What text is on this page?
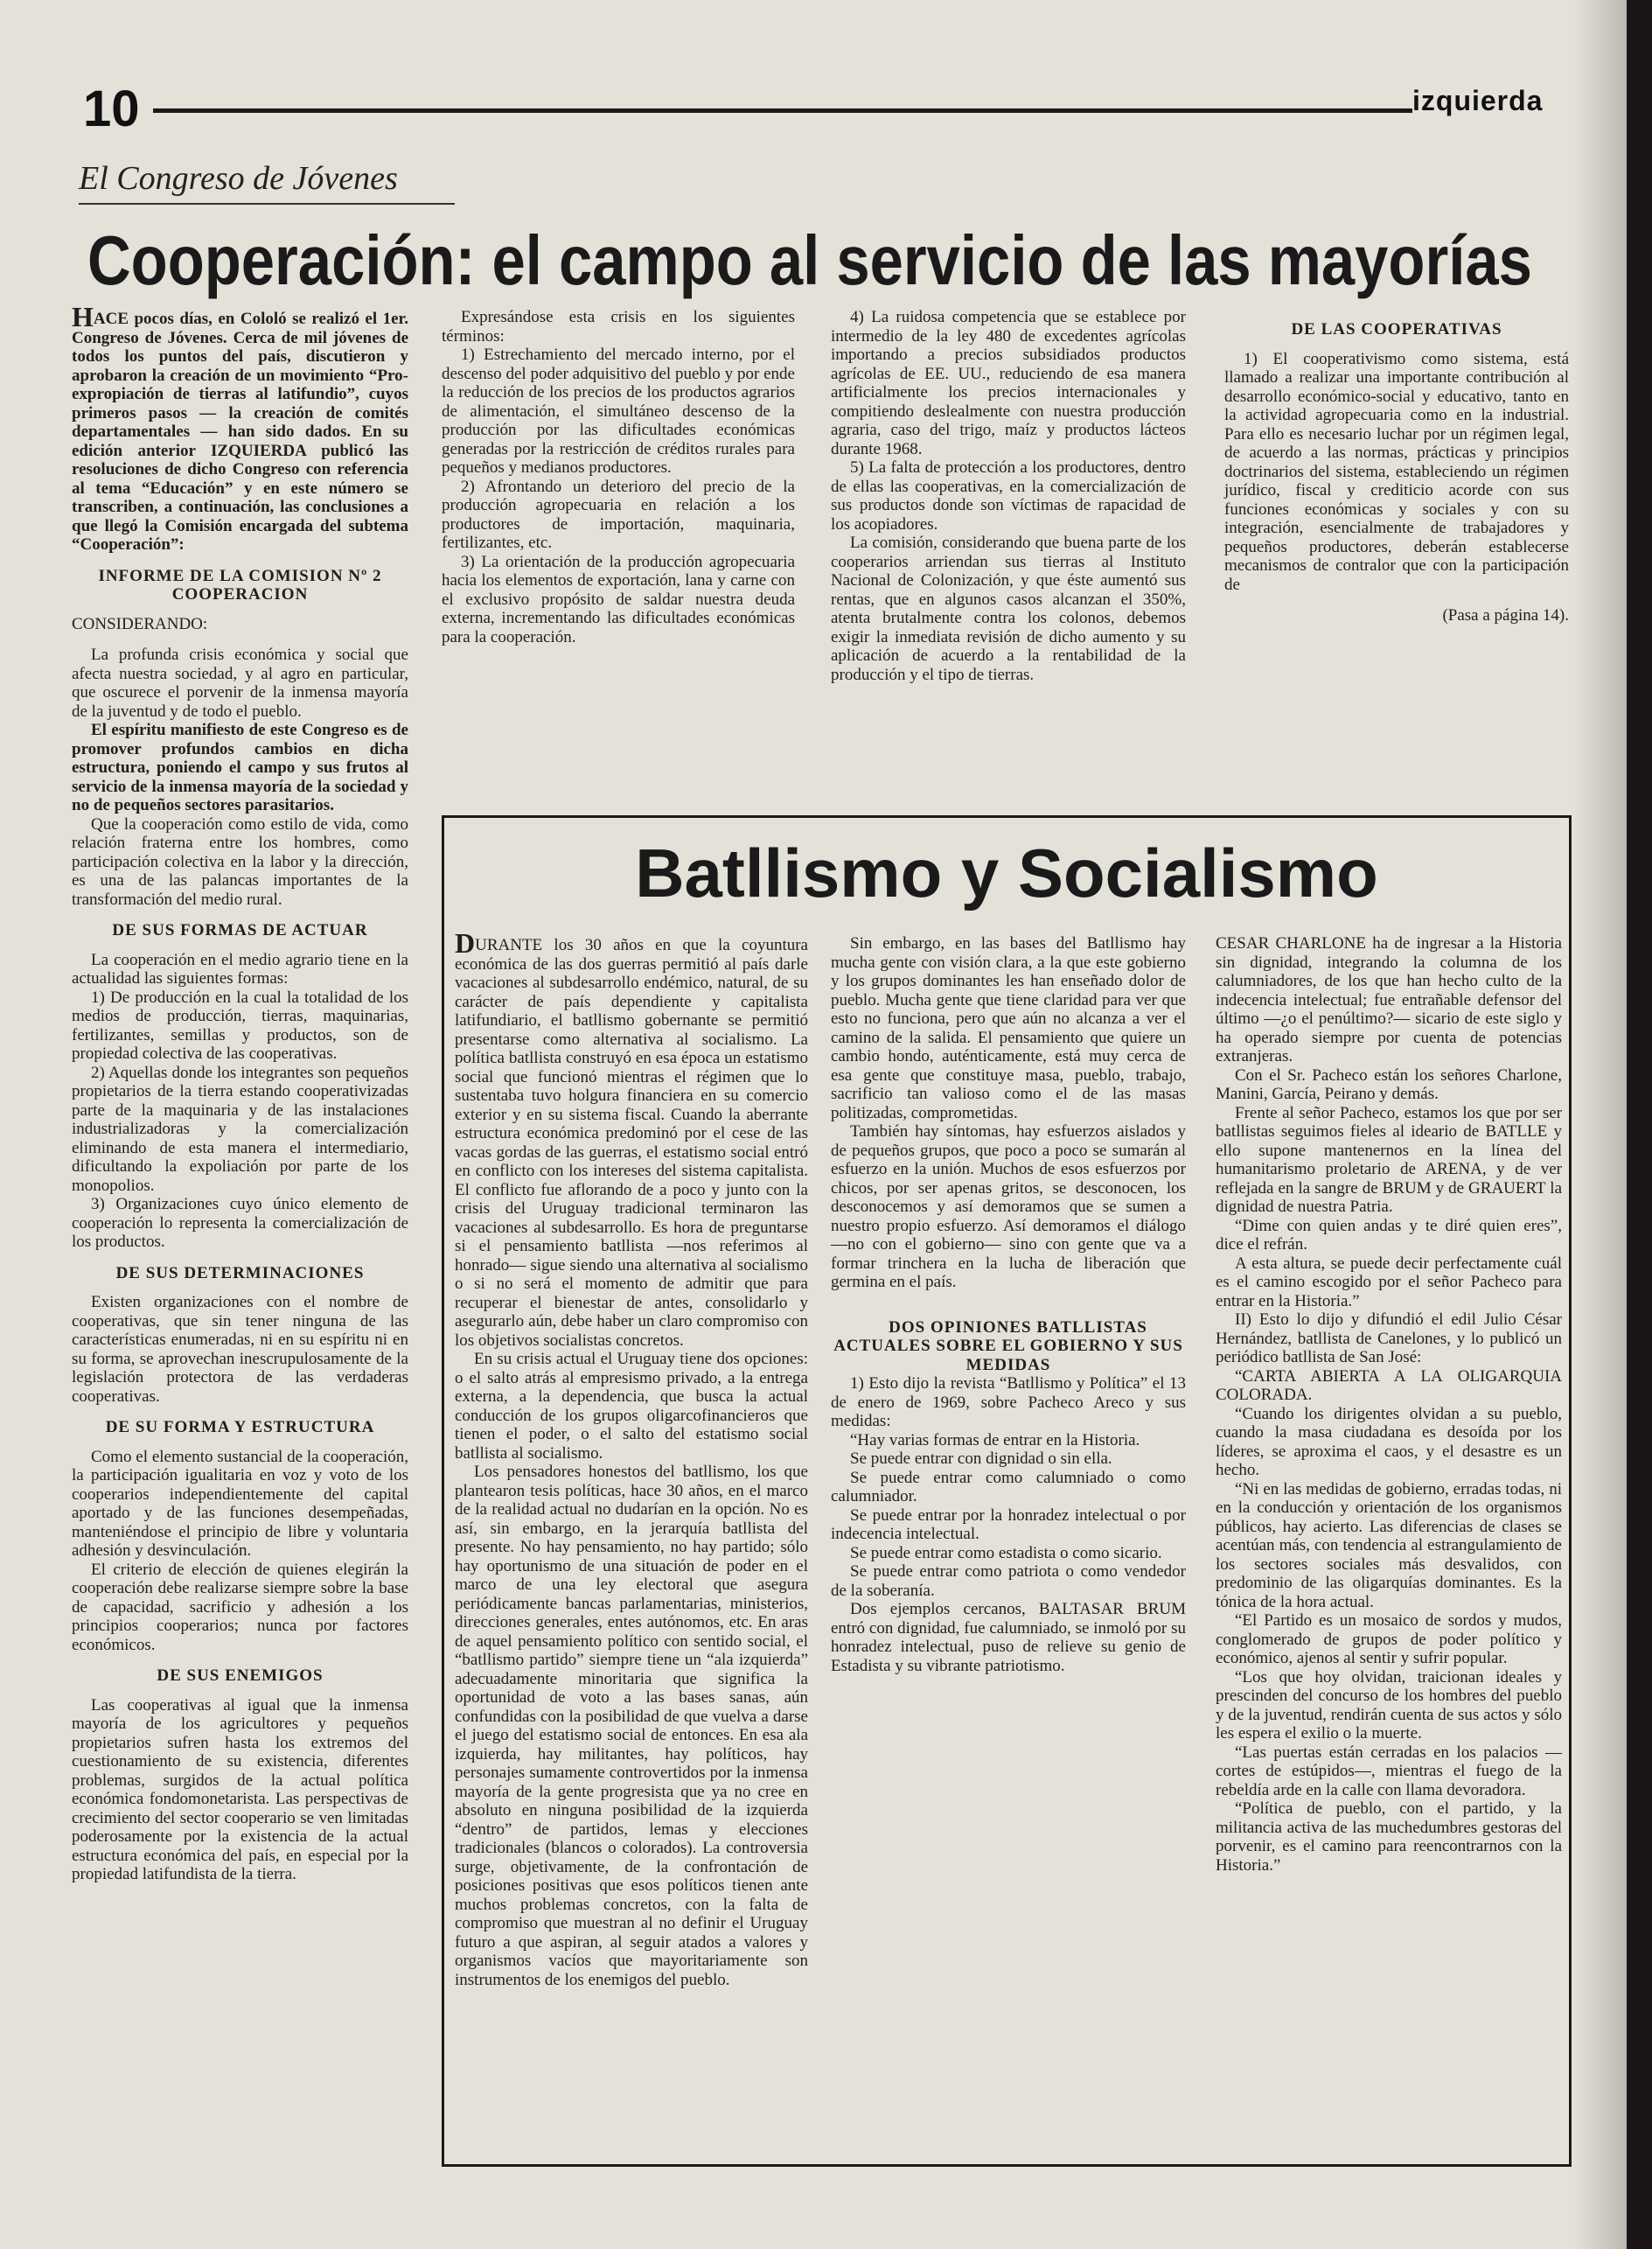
10	izquierda
El Congreso de Jóvenes
Cooperación: el campo al servicio de las mayorías

HACE pocos días, en Cololó se realizó el 1er. Congreso de Jóvenes. Cerca de mil jóvenes de todos los puntos del país, discutieron y aprobaron la creación de un movimiento “Pro-expropiación de tierras al latifundio”, cuyos primeros pasos — la creación de comités departamentales — han sido dados. En su edición anterior IZQUIERDA publicó las resoluciones de dicho Congreso con referencia al tema “Educación” y en este número se transcriben, a continuación, las conclusiones a que llegó la Comisión encargada del subtema “Cooperación”:

INFORME DE LA COMISION Nº 2 COOPERACION

CONSIDERANDO:

La profunda crisis económica y social que afecta nuestra sociedad, y al agro en particular, que oscurece el porvenir de la inmensa mayoría de la juventud y de todo el pueblo.

El espíritu manifiesto de este Congreso es de promover profundos cambios en dicha estructura, poniendo el campo y sus frutos al servicio de la inmensa mayoría de la sociedad y no de pequeños sectores parasitarios.

Que la cooperación como estilo de vida, como relación fraterna entre los hombres, como participación colectiva en la labor y la dirección, es una de las palancas importantes de la transformación del medio rural.

DE SUS FORMAS DE ACTUAR

La cooperación en el medio agrario tiene en la actualidad las siguientes formas:

1) De producción en la cual la totalidad de los medios de producción, tierras, maquinarias, fertilizantes, semillas y productos, son de propiedad colectiva de las cooperativas.

2) Aquellas donde los integrantes son pequeños propietarios de la tierra estando cooperativizadas parte de la maquinaria y de las instalaciones industrializadoras y la comercialización eliminando de esta manera el intermediario, dificultando la expoliación por parte de los monopolios.

3) Organizaciones cuyo único elemento de cooperación lo representa la comercialización de los productos.

DE SUS DETERMINACIONES

Existen organizaciones con el nombre de cooperativas, que sin tener ninguna de las características enumeradas, ni en su espíritu ni en su forma, se aprovechan inescrupulosamente de la legislación protectora de las verdaderas cooperativas.

DE SU FORMA Y ESTRUCTURA

Como el elemento sustancial de la cooperación, la participación igualitaria en voz y voto de los cooperarios independientemente del capital aportado y de las funciones desempeñadas, manteniéndose el principio de libre y voluntaria adhesión y desvinculación.

El criterio de elección de quienes elegirán la cooperación debe realizarse siempre sobre la base de capacidad, sacrificio y adhesión a los principios cooperarios; nunca por factores económicos.

DE SUS ENEMIGOS

Las cooperativas al igual que la inmensa mayoría de los agricultores y pequeños propietarios sufren hasta los extremos del cuestionamiento de su existencia, diferentes problemas, surgidos de la actual política económica fondomonetarista. Las perspectivas de crecimiento del sector cooperario se ven limitadas poderosamente por la existencia de la actual estructura económica del país, en especial por la propiedad latifundista de la tierra.

Expresándose esta crisis en los siguientes términos:

1) Estrechamiento del mercado interno, por el descenso del poder adquisitivo del pueblo y por ende la reducción de los precios de los productos agrarios de alimentación, el simultáneo descenso de la producción por las dificultades económicas generadas por la restricción de créditos rurales para pequeños y medianos productores.

2) Afrontando un deterioro del precio de la producción agropecuaria en relación a los productores de importación, maquinaria, fertilizantes, etc.

3) La orientación de la producción agropecuaria hacia los elementos de exportación, lana y carne con el exclusivo propósito de saldar nuestra deuda externa, incrementando las dificultades económicas para la cooperación.

4) La ruidosa competencia que se establece por intermedio de la ley 480 de excedentes agrícolas importando a precios subsidiados productos agrícolas de EE. UU., reduciendo de esa manera artificialmente los precios internacionales y compitiendo deslealmente con nuestra producción agraria, caso del trigo, maíz y productos lácteos durante 1968.

5) La falta de protección a los productores, dentro de ellas las cooperativas, en la comercialización de sus productos donde son víctimas de rapacidad de los acopiadores.

La comisión, considerando que buena parte de los cooperarios arriendan sus tierras al Instituto Nacional de Colonización, y que éste aumentó sus rentas, que en algunos casos alcanzan el 350%, atenta brutalmente contra los colonos, debemos exigir la inmediata revisión de dicho aumento y su aplicación de acuerdo a la rentabilidad de la producción y el tipo de tierras.

DE LAS COOPERATIVAS

1) El cooperativismo como sistema, está llamado a realizar una importante contribución al desarrollo económico-social y educativo, tanto en la actividad agropecuaria como en la industrial. Para ello es necesario luchar por un régimen legal, de acuerdo a las normas, prácticas y principios doctrinarios del sistema, estableciendo un régimen jurídico, fiscal y crediticio acorde con sus funciones económicas y sociales y con su integración, esencialmente de trabajadores y pequeños productores, deberán establecerse mecanismos de contralor que con la participación de

(Pasa a página 14).

Batllismo y Socialismo

DURANTE los 30 años en que la coyuntura económica de las dos guerras permitió al país darle vacaciones al subdesarrollo endémico, natural, de su carácter de país dependiente y capitalista latifundiario, el batllismo gobernante se permitió presentarse como alternativa al socialismo. La política batllista construyó en esa época un estatismo social que funcionó mientras el régimen que lo sustentaba tuvo holgura financiera en su comercio exterior y en su sistema fiscal. Cuando la aberrante estructura económica predominó por el cese de las vacas gordas de las guerras, el estatismo social entró en conflicto con los intereses del sistema capitalista. El conflicto fue aflorando de a poco y junto con la crisis del Uruguay tradicional terminaron las vacaciones al subdesarrollo. Es hora de preguntarse si el pensamiento batllista —nos referimos al honrado— sigue siendo una alternativa al socialismo o si no será el momento de admitir que para recuperar el bienestar de antes, consolidarlo y asegurarlo aún, debe haber un claro compromiso con los objetivos socialistas concretos.

En su crisis actual el Uruguay tiene dos opciones: o el salto atrás al empresismo privado, a la entrega externa, a la dependencia, que busca la actual conducción de los grupos oligarcofinancieros que tienen el poder, o el salto del estatismo social batllista al socialismo.

Los pensadores honestos del batllismo, los que plantearon tesis políticas, hace 30 años, en el marco de la realidad actual no dudarían en la opción. No es así, sin embargo, en la jerarquía batllista del presente. No hay pensamiento, no hay partido; sólo hay oportunismo de una situación de poder en el marco de una ley electoral que asegura periódicamente bancas parlamentarias, ministerios, direcciones generales, entes autónomos, etc. En aras de aquel pensamiento político con sentido social, el “batllismo partido” siempre tiene un “ala izquierda” adecuadamente minoritaria que significa la oportunidad de voto a las bases sanas, aún confundidas con la posibilidad de que vuelva a darse el juego del estatismo social de entonces. En esa ala izquierda, hay militantes, hay políticos, hay personajes sumamente controvertidos por la inmensa mayoría de la gente progresista que ya no cree en absoluto en ninguna posibilidad de la izquierda “dentro” de partidos, lemas y elecciones tradicionales (blancos o colorados). La controversia surge, objetivamente, de la confrontación de posiciones positivas que esos políticos tienen ante muchos problemas concretos, con la falta de compromiso que muestran al no definir el Uruguay futuro a que aspiran, al seguir atados a valores y organismos vacíos que mayoritariamente son instrumentos de los enemigos del pueblo.

Sin embargo, en las bases del Batllismo hay mucha gente con visión clara, a la que este gobierno y los grupos dominantes les han enseñado dolor de pueblo. Mucha gente que tiene claridad para ver que esto no funciona, pero que aún no alcanza a ver el camino de la salida. El pensamiento que quiere un cambio hondo, auténticamente, está muy cerca de esa gente que constituye masa, pueblo, trabajo, sacrificio tan valioso como el de las masas politizadas, comprometidas.

También hay síntomas, hay esfuerzos aislados y de pequeños grupos, que poco a poco se sumarán al esfuerzo en la unión. Muchos de esos esfuerzos por chicos, por ser apenas gritos, se desconocen, los desconocemos y así demoramos que se sumen a nuestro propio esfuerzo. Así demoramos el diálogo —no con el gobierno— sino con gente que va a formar trinchera en la lucha de liberación que germina en el país.

DOS OPINIONES BATLLISTAS ACTUALES SOBRE EL GOBIERNO Y SUS MEDIDAS

1) Esto dijo la revista “Batllismo y Política” el 13 de enero de 1969, sobre Pacheco Areco y sus medidas:

“Hay varias formas de entrar en la Historia.

Se puede entrar con dignidad o sin ella.

Se puede entrar como calumniado o como calumniador.

Se puede entrar por la honradez intelectual o por indecencia intelectual.

Se puede entrar como estadista o como sicario.

Se puede entrar como patriota o como vendedor de la soberanía.

Dos ejemplos cercanos, BALTASAR BRUM entró con dignidad, fue calumniado, se inmoló por su honradez intelectual, puso de relieve su genio de Estadista y su vibrante patriotismo.

CESAR CHARLONE ha de ingresar a la Historia sin dignidad, integrando la columna de los calumniadores, de los que han hecho culto de la indecencia intelectual; fue entrañable defensor del último —¿o el penúltimo?— sicario de este siglo y ha operado siempre por cuenta de potencias extranjeras.

Con el Sr. Pacheco están los señores Charlone, Manini, García, Peirano y demás.

Frente al señor Pacheco, estamos los que por ser batllistas seguimos fieles al ideario de BATLLE y ello supone mantenernos en la línea del humanitarismo proletario de ARENA, y de ver reflejada en la sangre de BRUM y de GRAUERT la dignidad de nuestra Patria.

“Dime con quien andas y te diré quien eres”, dice el refrán.

A esta altura, se puede decir perfectamente cuál es el camino escogido por el señor Pacheco para entrar en la Historia.”

II) Esto lo dijo y difundió el edil Julio César Hernández, batllista de Canelones, y lo publicó un periódico batllista de San José:

“CARTA ABIERTA A LA OLIGARQUIA COLORADA.

“Cuando los dirigentes olvidan a su pueblo, cuando la masa ciudadana es desoída por los líderes, se aproxima el caos, y el desastre es un hecho.

“Ni en las medidas de gobierno, erradas todas, ni en la conducción y orientación de los organismos públicos, hay acierto. Las diferencias de clases se acentúan más, con tendencia al estrangulamiento de los sectores sociales más desvalidos, con predominio de las oligarquías dominantes. Es la tónica de la hora actual.

“El Partido es un mosaico de sordos y mudos, conglomerado de grupos de poder político y económico, ajenos al sentir y sufrir popular.

“Los que hoy olvidan, traicionan ideales y prescinden del concurso de los hombres del pueblo y de la juventud, rendirán cuenta de sus actos y sólo les espera el exilio o la muerte.

“Las puertas están cerradas en los palacios —cortes de estúpidos—, mientras el fuego de la rebeldía arde en la calle con llama devoradora.

“Política de pueblo, con el partido, y la militancia activa de las muchedumbres gestoras del porvenir, es el camino para reencontrarnos con la Historia.”
